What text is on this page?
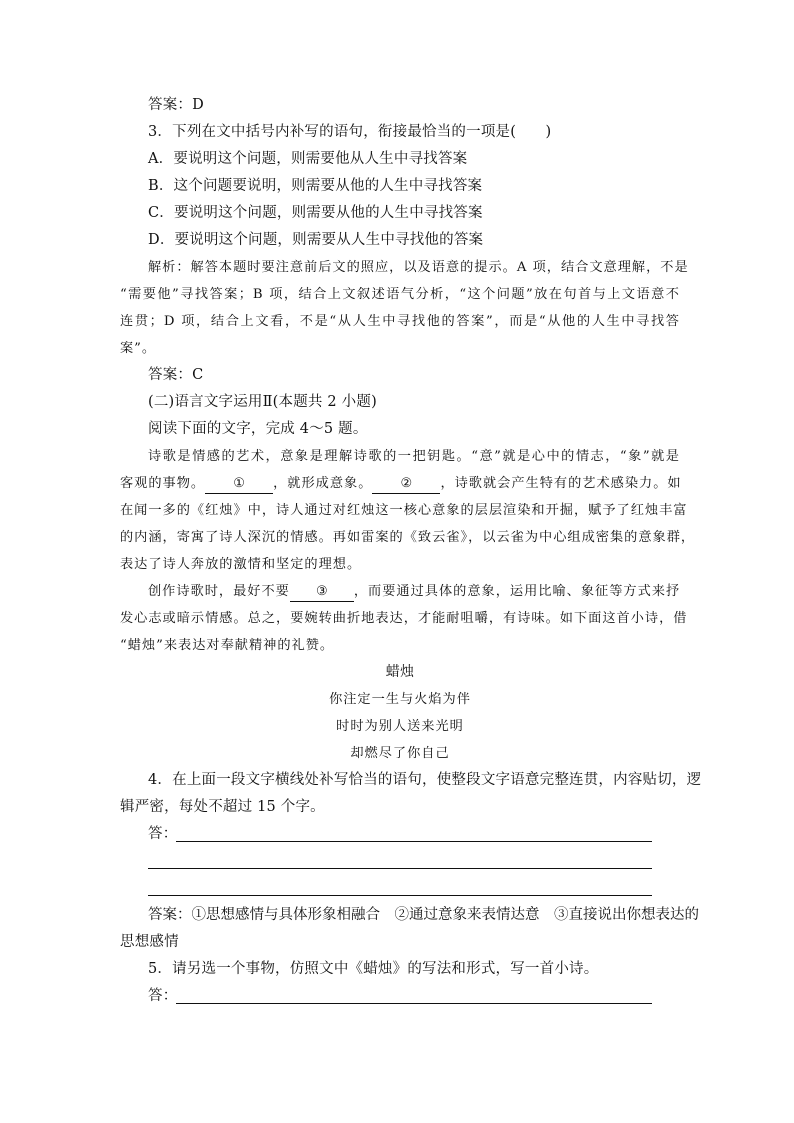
答案：D
3．下列在文中括号内补写的语句，衔接最恰当的一项是(　　)
A．要说明这个问题，则需要他从人生中寻找答案
B．这个问题要说明，则需要从他的人生中寻找答案
C．要说明这个问题，则需要从他的人生中寻找答案
D．要说明这个问题，则需要从人生中寻找他的答案
解析：解答本题时要注意前后文的照应，以及语意的提示。A 项，结合文意理解，不是
“需要他”寻找答案；B 项，结合上文叙述语气分析，“这个问题”放在句首与上文语意不
连贯；D 项，结合上文看，不是“从人生中寻找他的答案”，而是“从他的人生中寻找答
案”。
答案：C
(二)语言文字运用Ⅱ(本题共 2 小题)
阅读下面的文字，完成 4～5 题。
诗歌是情感的艺术，意象是理解诗歌的一把钥匙。“意”就是心中的情志，“象”就是
客观的事物。 ① ，就形成意象。 ② ，诗歌就会产生特有的艺术感染力。如
在闻一多的《红烛》中，诗人通过对红烛这一核心意象的层层渲染和开掘，赋予了红烛丰富
的内涵，寄寓了诗人深沉的情感。再如雷案的《致云雀》，以云雀为中心组成密集的意象群，
表达了诗人奔放的激情和坚定的理想。
创作诗歌时，最好不要 ③ ，而要通过具体的意象，运用比喻、象征等方式来抒
发心志或暗示情感。总之，要婉转曲折地表达，才能耐咀嚼，有诗味。如下面这首小诗，借
“蜡烛”来表达对奉献精神的礼赞。
蜡烛
你注定一生与火焰为伴
时时为别人送来光明
却燃尽了你自己
4．在上面一段文字横线处补写恰当的语句，使整段文字语意完整连贯，内容贴切，逻
辑严密，每处不超过 15 个字。
答：
答案：①思想感情与具体形象相融合　②通过意象来表情达意　③直接说出你想表达的
思想感情
5．请另选一个事物，仿照文中《蜡烛》的写法和形式，写一首小诗。
答：
